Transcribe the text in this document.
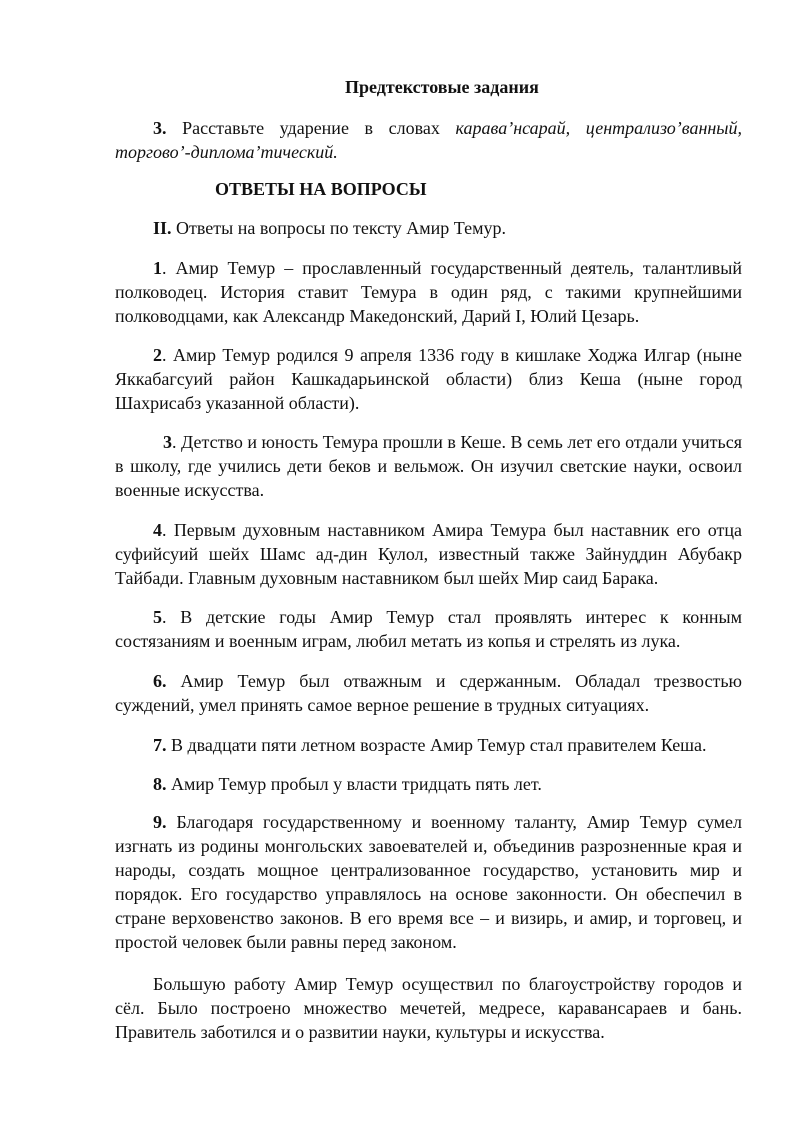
Предтекстовые задания

3. Расставьте ударение в словах карава’нсарай, централизо’ванный, торгово’-диплома’тический.

ОТВЕТЫ НА ВОПРОСЫ

II. Ответы на вопросы по тексту Амир Темур.

1. Амир Темур – прославленный государственный деятель, талантливый полководец. История ставит Темура в один ряд, с такими крупнейшими полководцами, как Александр Македонский, Дарий I, Юлий Цезарь.

2. Амир Темур родился 9 апреля 1336 году в кишлаке Ходжа Илгар (ныне Яккабагсуий район Кашкадарьинской области) близ Кеша (ныне город Шахрисабз указанной области).

3. Детство и юность Темура прошли в Кеше. В семь лет его отдали учиться в школу, где учились дети беков и вельмож. Он изучил светские науки, освоил военные искусства.

4. Первым духовным наставником Амира Темура был наставник его отца суфийсуий шейх Шамс ад-дин Кулол, известный также Зайнуддин Абубакр Тайбади. Главным духовным наставником был шейх Мир саид Барака.

5. В детские годы Амир Темур стал проявлять интерес к конным состязаниям и военным играм, любил метать из копья и стрелять из лука.

6. Амир Темур был отважным и сдержанным. Обладал трезвостью суждений, умел принять самое верное решение в трудных ситуациях.

7. В двадцати пяти летном возрасте Амир Темур стал правителем Кеша.

8. Амир Темур пробыл у власти тридцать пять лет.

9. Благодаря государственному и военному таланту, Амир Темур сумел изгнать из родины монгольских завоевателей и, объединив разрозненные края и народы, создать мощное централизованное государство, установить мир и порядок. Его государство управлялось на основе законности. Он обеспечил в стране верховенство законов. В его время все – и визирь, и амир, и торговец, и простой человек были равны перед законом.

Большую работу Амир Темур осуществил по благоустройству городов и сёл. Было построено множество мечетей, медресе, каравансараев и бань. Правитель заботился и о развитии науки, культуры и искусства.
